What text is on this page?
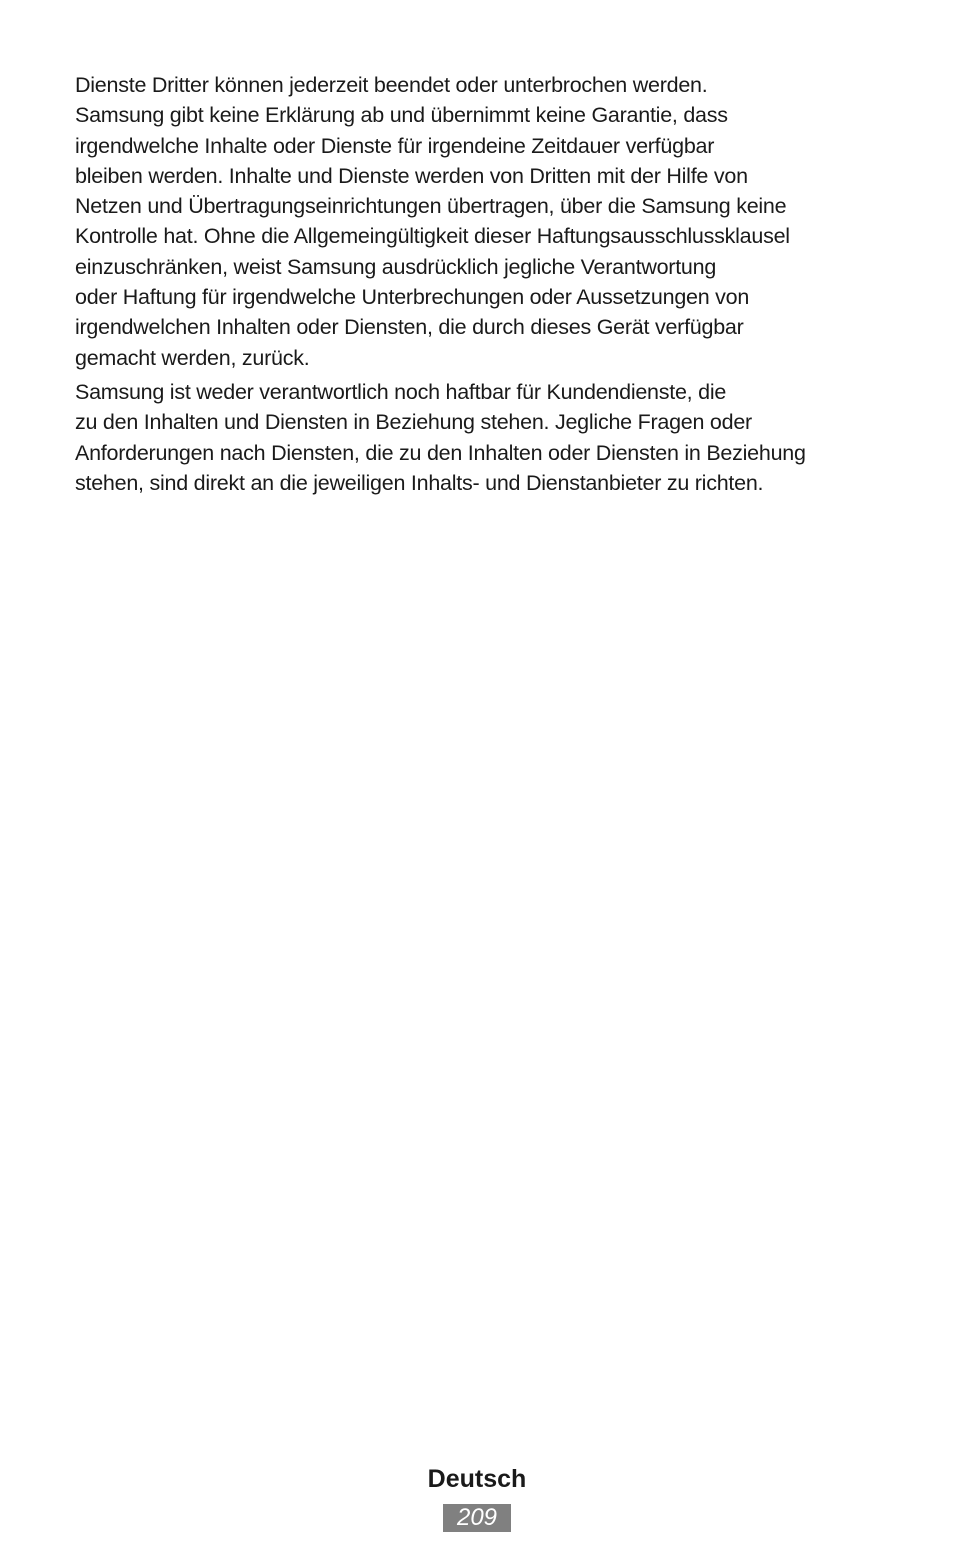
Dienste Dritter können jederzeit beendet oder unterbrochen werden.
Samsung gibt keine Erklärung ab und übernimmt keine Garantie, dass
irgendwelche Inhalte oder Dienste für irgendeine Zeitdauer verfügbar
bleiben werden. Inhalte und Dienste werden von Dritten mit der Hilfe von
Netzen und Übertragungseinrichtungen übertragen, über die Samsung keine
Kontrolle hat. Ohne die Allgemeingültigkeit dieser Haftungsausschlussklausel
einzuschränken, weist Samsung ausdrücklich jegliche Verantwortung
oder Haftung für irgendwelche Unterbrechungen oder Aussetzungen von
irgendwelchen Inhalten oder Diensten, die durch dieses Gerät verfügbar
gemacht werden, zurück.
Samsung ist weder verantwortlich noch haftbar für Kundendienste, die
zu den Inhalten und Diensten in Beziehung stehen. Jegliche Fragen oder
Anforderungen nach Diensten, die zu den Inhalten oder Diensten in Beziehung
stehen, sind direkt an die jeweiligen Inhalts- und Dienstanbieter zu richten.
Deutsch
209
